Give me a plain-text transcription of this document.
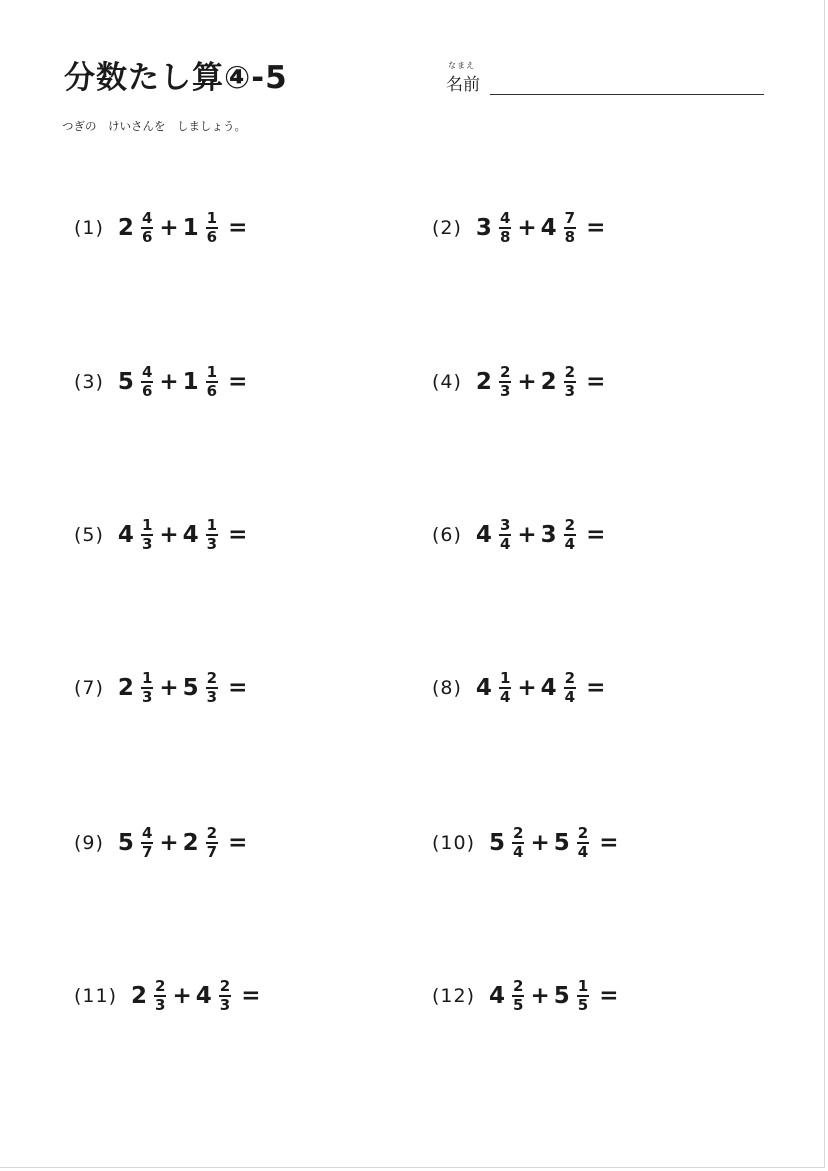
分数たし算④-5	なまえ
名前
つぎの　けいさんを　しましょう。
(1) $2 \frac{4}{6} + 1 \frac{1}{6}$ =	(2) $3 \frac{4}{8} + 4 \frac{7}{8}$ =
(3) $5 \frac{4}{6} + 1 \frac{1}{6}$ =	(4) $2 \frac{2}{3} + 2 \frac{2}{3}$ =
(5) $4 \frac{1}{3} + 4 \frac{1}{3}$ =	(6) $4 \frac{3}{4} + 3 \frac{2}{4}$ =
(7) $2 \frac{1}{3} + 5 \frac{2}{3}$ =	(8) $4 \frac{1}{4} + 4 \frac{2}{4}$ =
(9) $5 \frac{4}{7} + 2 \frac{2}{7}$ =	(10) $5 \frac{2}{4} + 5 \frac{2}{4}$ =
(11) $2 \frac{2}{3} + 4 \frac{2}{3}$ =	(12) $4 \frac{2}{5} + 5 \frac{1}{5}$ =
